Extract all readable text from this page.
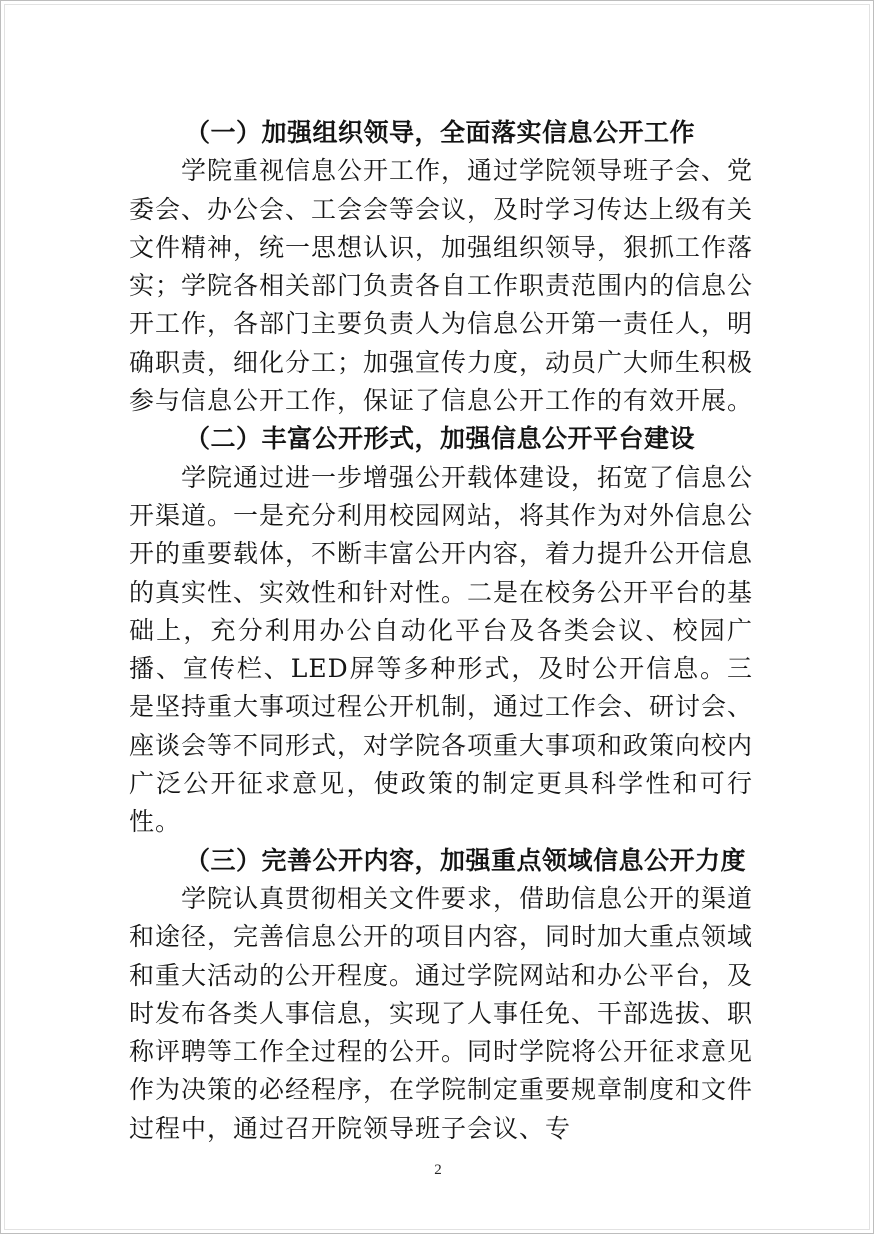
（一）加强组织领导，全面落实信息公开工作

学院重视信息公开工作，通过学院领导班子会、党委会、办公会、工会会等会议，及时学习传达上级有关文件精神，统一思想认识，加强组织领导，狠抓工作落实；学院各相关部门负责各自工作职责范围内的信息公开工作，各部门主要负责人为信息公开第一责任人，明确职责，细化分工；加强宣传力度，动员广大师生积极参与信息公开工作，保证了信息公开工作的有效开展。

（二）丰富公开形式，加强信息公开平台建设

学院通过进一步增强公开载体建设，拓宽了信息公开渠道。一是充分利用校园网站，将其作为对外信息公开的重要载体，不断丰富公开内容，着力提升公开信息的真实性、实效性和针对性。二是在校务公开平台的基础上，充分利用办公自动化平台及各类会议、校园广播、宣传栏、LED屏等多种形式，及时公开信息。三是坚持重大事项过程公开机制，通过工作会、研讨会、座谈会等不同形式，对学院各项重大事项和政策向校内广泛公开征求意见，使政策的制定更具科学性和可行性。

（三）完善公开内容，加强重点领域信息公开力度

学院认真贯彻相关文件要求，借助信息公开的渠道和途径，完善信息公开的项目内容，同时加大重点领域和重大活动的公开程度。通过学院网站和办公平台，及时发布各类人事信息，实现了人事任免、干部选拔、职称评聘等工作全过程的公开。同时学院将公开征求意见作为决策的必经程序，在学院制定重要规章制度和文件过程中，通过召开院领导班子会议、专

2
